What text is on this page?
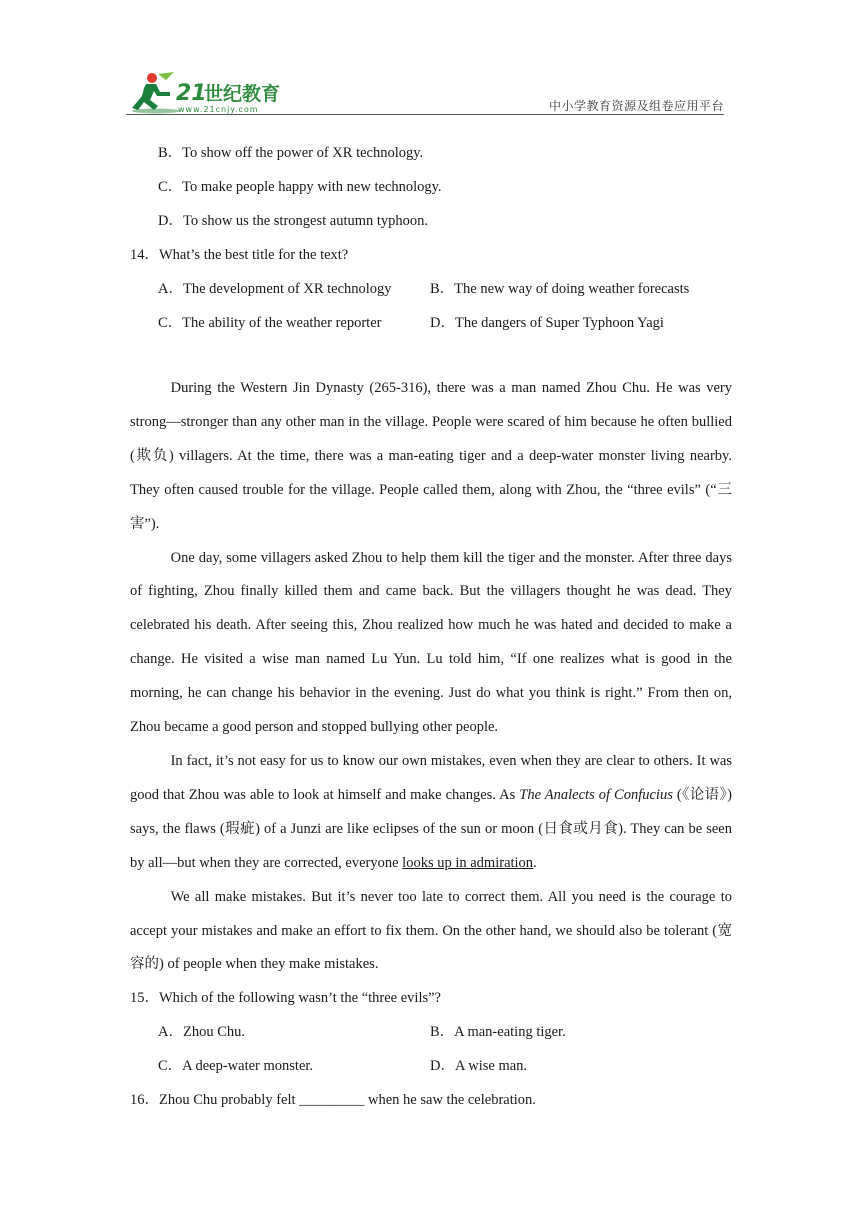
21
世纪教育
www.21cnjy.com	中小学教育资源及组卷应用平台
B．To show off the power of XR technology.
C．To make people happy with new technology.
D．To show us the strongest autumn typhoon.
14．What’s the best title for the text?
A．The development of XR technology	B．The new way of doing weather forecasts
C．The ability of the weather reporter	D．The dangers of Super Typhoon Yagi

During the Western Jin Dynasty (265-316), there was a man named Zhou Chu. He was very strong—stronger than any other man in the village. People were scared of him because he often bullied (欺负) villagers. At the time, there was a man-eating tiger and a deep-water monster living nearby. They often caused trouble for the village. People called them, along with Zhou, the “three evils” (“三害”).

One day, some villagers asked Zhou to help them kill the tiger and the monster. After three days of fighting, Zhou finally killed them and came back. But the villagers thought he was dead. They celebrated his death. After seeing this, Zhou realized how much he was hated and decided to make a change. He visited a wise man named Lu Yun. Lu told him, “If one realizes what is good in the morning, he can change his behavior in the evening. Just do what you think is right.” From then on, Zhou became a good person and stopped bullying other people.

In fact, it’s not easy for us to know our own mistakes, even when they are clear to others. It was good that Zhou was able to look at himself and make changes. As The Analects of Confucius (《论语》) says, the flaws (瑕疵) of a Junzi are like eclipses of the sun or moon (日食或月食). They can be seen by all—but when they are corrected, everyone looks up in admiration.

We all make mistakes. But it’s never too late to correct them. All you need is the courage to accept your mistakes and make an effort to fix them. On the other hand, we should also be tolerant (宽容的) of people when they make mistakes.

15．Which of the following wasn’t the “three evils”?
A．Zhou Chu.	B．A man-eating tiger.
C．A deep-water monster.	D．A wise man.
16．Zhou Chu probably felt _________ when he saw the celebration.
